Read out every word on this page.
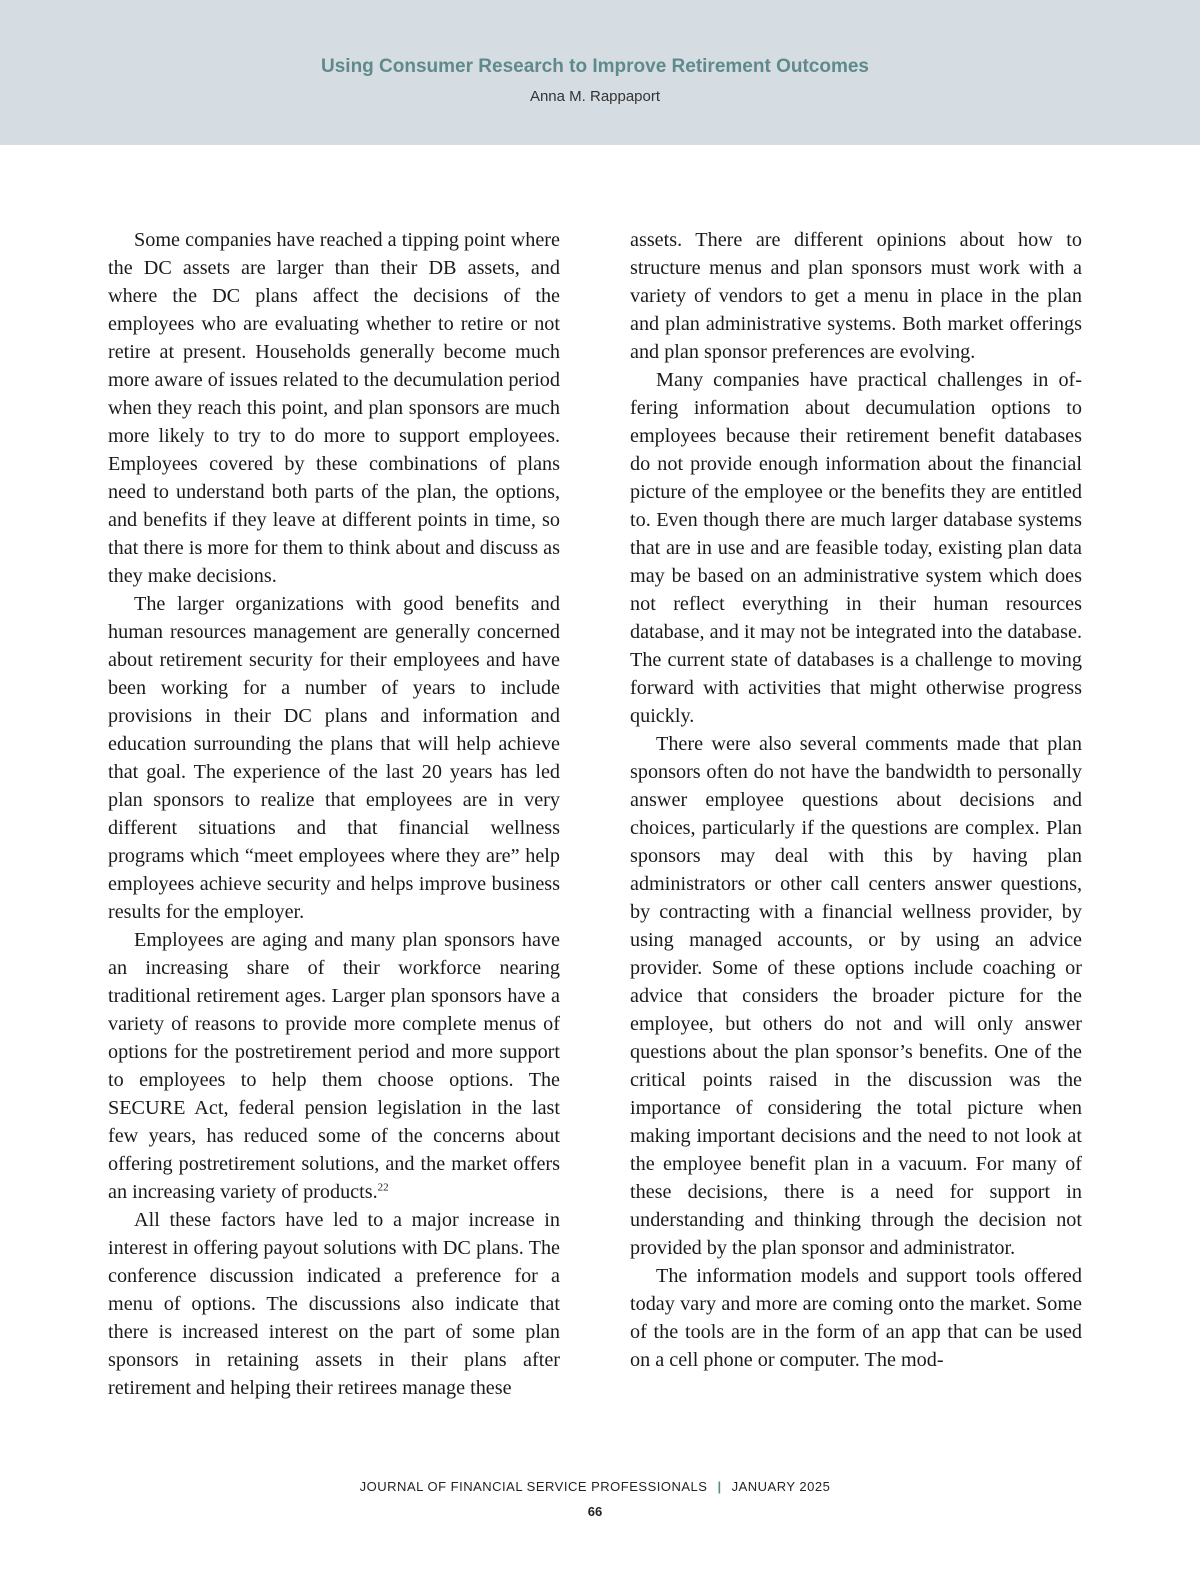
Using Consumer Research to Improve Retirement Outcomes
Anna M. Rappaport

Some companies have reached a tipping point where the DC assets are larger than their DB assets, and where the DC plans affect the decisions of the employees who are evaluating whether to retire or not retire at present. Households generally become much more aware of issues related to the decumulation period when they reach this point, and plan sponsors are much more likely to try to do more to support employees. Employees covered by these combinations of plans need to understand both parts of the plan, the options, and benefits if they leave at different points in time, so that there is more for them to think about and discuss as they make decisions.

The larger organizations with good benefits and human resources management are generally concerned about retirement security for their employees and have been working for a number of years to include provisions in their DC plans and information and education surrounding the plans that will help achieve that goal. The experience of the last 20 years has led plan sponsors to realize that employees are in very different situations and that financial wellness programs which “meet employees where they are” help employees achieve security and helps improve business results for the employer.

Employees are aging and many plan sponsors have an increasing share of their workforce nearing traditional retirement ages. Larger plan sponsors have a variety of reasons to provide more complete menus of options for the postretirement period and more support to employees to help them choose options. The SECURE Act, federal pension legislation in the last few years, has reduced some of the concerns about offering postretirement solutions, and the market offers an increasing variety of products.$^{22}$

All these factors have led to a major increase in interest in offering payout solutions with DC plans. The conference discussion indicated a preference for a menu of options. The discussions also indicate that there is increased interest on the part of some plan sponsors in retaining assets in their plans after retirement and helping their retirees manage these

assets. There are different opinions about how to structure menus and plan sponsors must work with a variety of vendors to get a menu in place in the plan and plan administrative systems. Both market offerings and plan sponsor preferences are evolving.

Many companies have practical challenges in offering information about decumulation options to employees because their retirement benefit databases do not provide enough information about the financial picture of the employee or the benefits they are entitled to. Even though there are much larger database systems that are in use and are feasible today, existing plan data may be based on an administrative system which does not reflect everything in their human resources database, and it may not be integrated into the database. The current state of databases is a challenge to moving forward with activities that might otherwise progress quickly.

There were also several comments made that plan sponsors often do not have the bandwidth to personally answer employee questions about decisions and choices, particularly if the questions are complex. Plan sponsors may deal with this by having plan administrators or other call centers answer questions, by contracting with a financial wellness provider, by using managed accounts, or by using an advice provider. Some of these options include coaching or advice that considers the broader picture for the employee, but others do not and will only answer questions about the plan sponsor’s benefits. One of the critical points raised in the discussion was the importance of considering the total picture when making important decisions and the need to not look at the employee benefit plan in a vacuum. For many of these decisions, there is a need for support in understanding and thinking through the decision not provided by the plan sponsor and administrator.

The information models and support tools offered today vary and more are coming onto the market. Some of the tools are in the form of an app that can be used on a cell phone or computer. The mod-

JOURNAL OF FINANCIAL SERVICE PROFESSIONALS | JANUARY 2025
66
